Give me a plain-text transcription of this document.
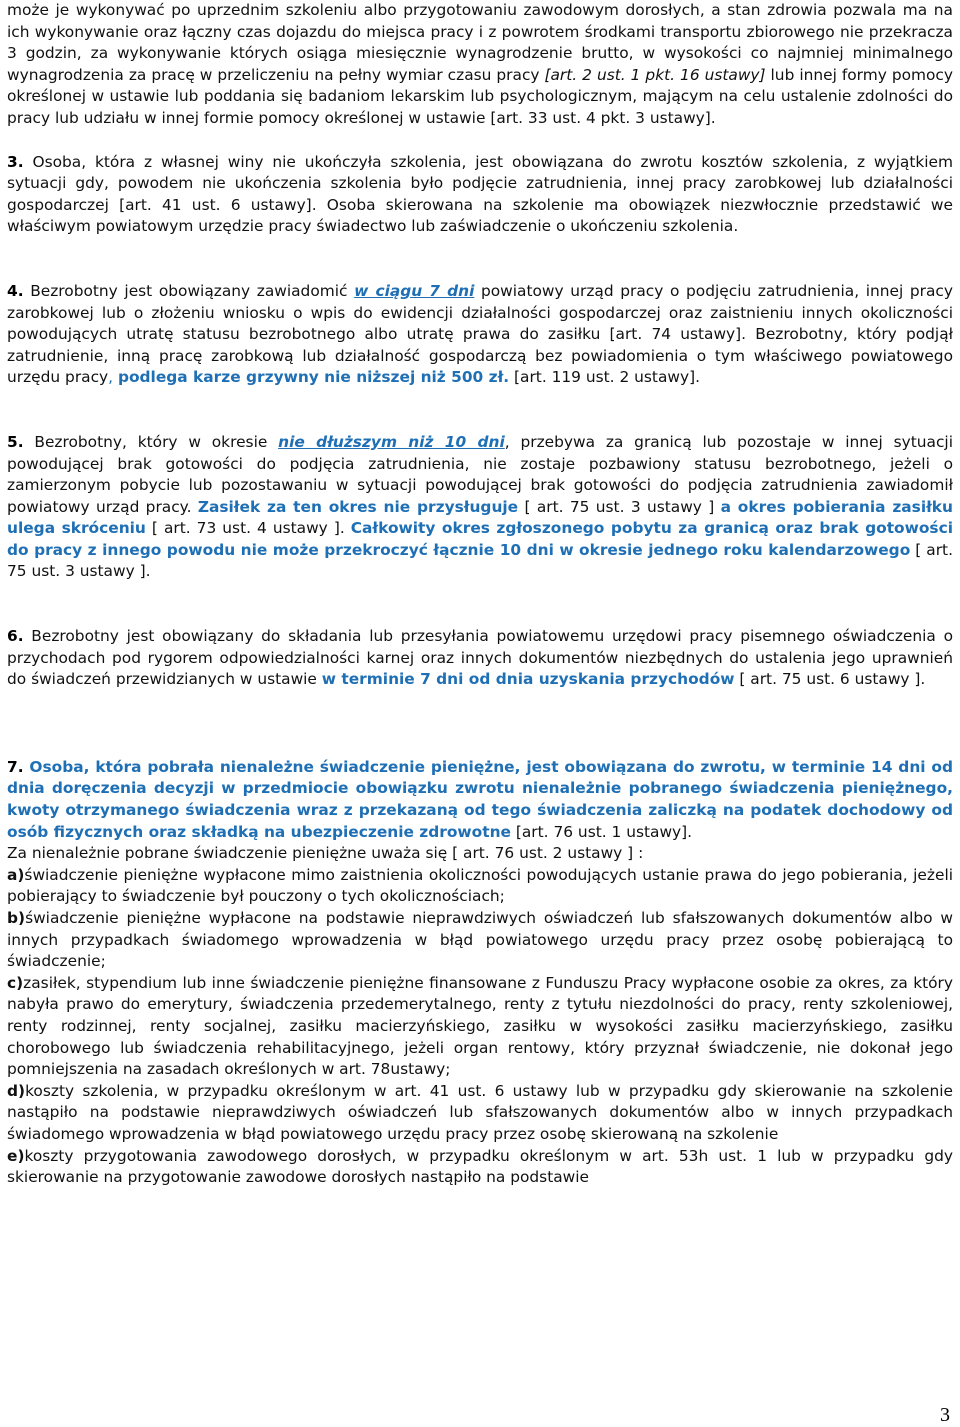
może je wykonywać po uprzednim szkoleniu albo przygotowaniu zawodowym dorosłych, a stan zdrowia pozwala ma na ich wykonywanie oraz łączny czas dojazdu do miejsca pracy i z powrotem środkami transportu zbiorowego nie przekracza 3 godzin, za wykonywanie których osiąga miesięcznie wynagrodzenie brutto, w wysokości co najmniej minimalnego wynagrodzenia za pracę w przeliczeniu na pełny wymiar czasu pracy [art. 2 ust. 1 pkt. 16 ustawy] lub innej formy pomocy określonej w ustawie lub poddania się badaniom lekarskim lub psychologicznym, mającym na celu ustalenie zdolności do pracy lub udziału w innej formie pomocy określonej w ustawie [art. 33 ust. 4 pkt. 3 ustawy].

3. Osoba, która z własnej winy nie ukończyła szkolenia, jest obowiązana do zwrotu kosztów szkolenia, z wyjątkiem sytuacji gdy, powodem nie ukończenia szkolenia było podjęcie zatrudnienia, innej pracy zarobkowej lub działalności gospodarczej [art. 41 ust. 6 ustawy]. Osoba skierowana na szkolenie ma obowiązek niezwłocznie przedstawić we właściwym powiatowym urzędzie pracy świadectwo lub zaświadczenie o ukończeniu szkolenia.

4. Bezrobotny jest obowiązany zawiadomić w ciągu 7 dni powiatowy urząd pracy o podjęciu zatrudnienia, innej pracy zarobkowej lub o złożeniu wniosku o wpis do ewidencji działalności gospodarczej oraz zaistnieniu innych okoliczności powodujących utratę statusu bezrobotnego albo utratę prawa do zasiłku [art. 74 ustawy]. Bezrobotny, który podjął zatrudnienie, inną pracę zarobkową lub działalność gospodarczą bez powiadomienia o tym właściwego powiatowego urzędu pracy, podlega karze grzywny nie niższej niż 500 zł. [art. 119 ust. 2 ustawy].

5. Bezrobotny, który w okresie nie dłuższym niż 10 dni, przebywa za granicą lub pozostaje w innej sytuacji powodującej brak gotowości do podjęcia zatrudnienia, nie zostaje pozbawiony statusu bezrobotnego, jeżeli o zamierzonym pobycie lub pozostawaniu w sytuacji powodującej brak gotowości do podjęcia zatrudnienia zawiadomił powiatowy urząd pracy. Zasiłek za ten okres nie przysługuje [ art. 75 ust. 3 ustawy ] a okres pobierania zasiłku ulega skróceniu [ art. 73 ust. 4 ustawy ]. Całkowity okres zgłoszonego pobytu za granicą oraz brak gotowości do pracy z innego powodu nie może przekroczyć łącznie 10 dni w okresie jednego roku kalendarzowego [ art. 75 ust. 3 ustawy ].

6. Bezrobotny jest obowiązany do składania lub przesyłania powiatowemu urzędowi pracy pisemnego oświadczenia o przychodach pod rygorem odpowiedzialności karnej oraz innych dokumentów niezbędnych do ustalenia jego uprawnień do świadczeń przewidzianych w ustawie w terminie 7 dni od dnia uzyskania przychodów [ art. 75 ust. 6 ustawy ].

7. Osoba, która pobrała nienależne świadczenie pieniężne, jest obowiązana do zwrotu, w terminie 14 dni od dnia doręczenia decyzji w przedmiocie obowiązku zwrotu nienależnie pobranego świadczenia pieniężnego, kwoty otrzymanego świadczenia wraz z przekazaną od tego świadczenia zaliczką na podatek dochodowy od osób fizycznych oraz składką na ubezpieczenie zdrowotne [art. 76 ust. 1 ustawy].

Za nienależnie pobrane świadczenie pieniężne uważa się [ art. 76 ust. 2 ustawy ] :

a)świadczenie pieniężne wypłacone mimo zaistnienia okoliczności powodujących ustanie prawa do jego pobierania, jeżeli pobierający to świadczenie był pouczony o tych okolicznościach;

b)świadczenie pieniężne wypłacone na podstawie nieprawdziwych oświadczeń lub sfałszowanych dokumentów albo w innych przypadkach świadomego wprowadzenia w błąd powiatowego urzędu pracy przez osobę pobierającą to świadczenie;

c)zasiłek, stypendium lub inne świadczenie pieniężne finansowane z Funduszu Pracy wypłacone osobie za okres, za który nabyła prawo do emerytury, świadczenia przedemerytalnego, renty z tytułu niezdolności do pracy, renty szkoleniowej, renty rodzinnej, renty socjalnej, zasiłku macierzyńskiego, zasiłku w wysokości zasiłku macierzyńskiego, zasiłku chorobowego lub świadczenia rehabilitacyjnego, jeżeli organ rentowy, który przyznał świadczenie, nie dokonał jego pomniejszenia na zasadach określonych w art. 78ustawy;

d)koszty szkolenia, w przypadku określonym w art. 41 ust. 6 ustawy lub w przypadku gdy skierowanie na szkolenie nastąpiło na podstawie nieprawdziwych oświadczeń lub sfałszowanych dokumentów albo w innych przypadkach świadomego wprowadzenia w błąd powiatowego urzędu pracy przez osobę skierowaną na szkolenie

e)koszty przygotowania zawodowego dorosłych, w przypadku określonym w art. 53h ust. 1 lub w przypadku gdy skierowanie na przygotowanie zawodowe dorosłych nastąpiło na podstawie

3
